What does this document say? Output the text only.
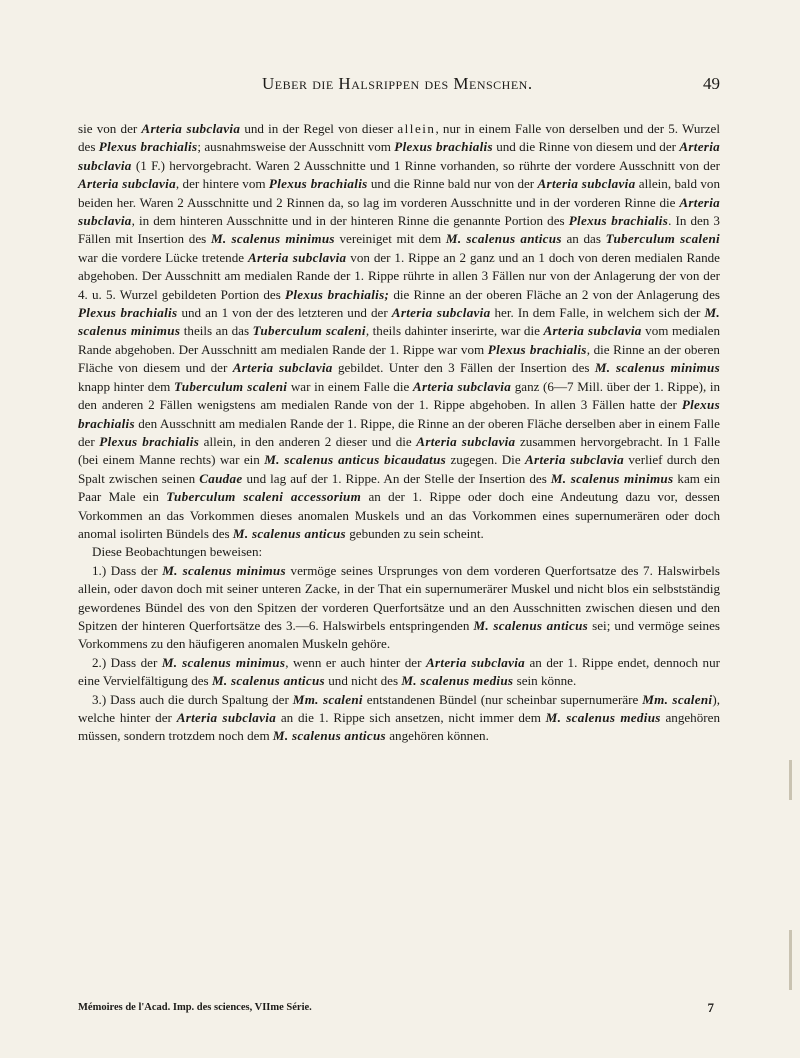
Ueber die Halsrippen des Menschen.	49

sie von der Arteria subclavia und in der Regel von dieser allein, nur in einem Falle von derselben und der 5. Wurzel des Plexus brachialis; ausnahmsweise der Ausschnitt vom Plexus brachialis und die Rinne von diesem und der Arteria subclavia (1 F.) hervorgebracht. Waren 2 Ausschnitte und 1 Rinne vorhanden, so rührte der vordere Ausschnitt von der Arteria subclavia, der hintere vom Plexus brachialis und die Rinne bald nur von der Arteria subclavia allein, bald von beiden her. Waren 2 Ausschnitte und 2 Rinnen da, so lag im vorderen Ausschnitte und in der vorderen Rinne die Arteria subclavia, in dem hinteren Ausschnitte und in der hinteren Rinne die genannte Portion des Plexus brachialis. In den 3 Fällen mit Insertion des M. scalenus minimus vereiniget mit dem M. scalenus anticus an das Tuberculum scaleni war die vordere Lücke tretende Arteria subclavia von der 1. Rippe an 2 ganz und an 1 doch von deren medialen Rande abgehoben. Der Ausschnitt am medialen Rande der 1. Rippe rührte in allen 3 Fällen nur von der Anlagerung der von der 4. u. 5. Wurzel gebildeten Portion des Plexus brachialis; die Rinne an der oberen Fläche an 2 von der Anlagerung des Plexus brachialis und an 1 von der des letzteren und der Arteria subclavia her. In dem Falle, in welchem sich der M. scalenus minimus theils an das Tuberculum scaleni, theils dahinter inserirte, war die Arteria subclavia vom medialen Rande abgehoben. Der Ausschnitt am medialen Rande der 1. Rippe war vom Plexus brachialis, die Rinne an der oberen Fläche von diesem und der Arteria subclavia gebildet. Unter den 3 Fällen der Insertion des M. scalenus minimus knapp hinter dem Tuberculum scaleni war in einem Falle die Arteria subclavia ganz (6—7 Mill. über der 1. Rippe), in den anderen 2 Fällen wenigstens am medialen Rande von der 1. Rippe abgehoben. In allen 3 Fällen hatte der Plexus brachialis den Ausschnitt am medialen Rande der 1. Rippe, die Rinne an der oberen Fläche derselben aber in einem Falle der Plexus brachialis allein, in den anderen 2 dieser und die Arteria subclavia zusammen hervorgebracht. In 1 Falle (bei einem Manne rechts) war ein M. scalenus anticus bicaudatus zugegen. Die Arteria subclavia verlief durch den Spalt zwischen seinen Caudae und lag auf der 1. Rippe. An der Stelle der Insertion des M. scalenus minimus kam ein Paar Male ein Tuberculum scaleni accessorium an der 1. Rippe oder doch eine Andeutung dazu vor, dessen Vorkommen an das Vorkommen dieses anomalen Muskels und an das Vorkommen eines supernumerären oder doch anomal isolirten Bündels des M. scalenus anticus gebunden zu sein scheint.

Diese Beobachtungen beweisen:

1.) Dass der M. scalenus minimus vermöge seines Ursprunges von dem vorderen Querfortsatze des 7. Halswirbels allein, oder davon doch mit seiner unteren Zacke, in der That ein supernumerärer Muskel und nicht blos ein selbstständig gewordenes Bündel des von den Spitzen der vorderen Querfortsätze und an den Ausschnitten zwischen diesen und den Spitzen der hinteren Querfortsätze des 3.—6. Halswirbels entspringenden M. scalenus anticus sei; und vermöge seines Vorkommens zu den häufigeren anomalen Muskeln gehöre.

2.) Dass der M. scalenus minimus, wenn er auch hinter der Arteria subclavia an der 1. Rippe endet, dennoch nur eine Vervielfältigung des M. scalenus anticus und nicht des M. scalenus medius sein könne.

3.) Dass auch die durch Spaltung der Mm. scaleni entstandenen Bündel (nur scheinbar supernumeräre Mm. scaleni), welche hinter der Arteria subclavia an die 1. Rippe sich ansetzen, nicht immer dem M. scalenus medius angehören müssen, sondern trotzdem noch dem M. scalenus anticus angehören können.

Mémoires de l'Acad. Imp. des sciences, VIIme Série.	7
